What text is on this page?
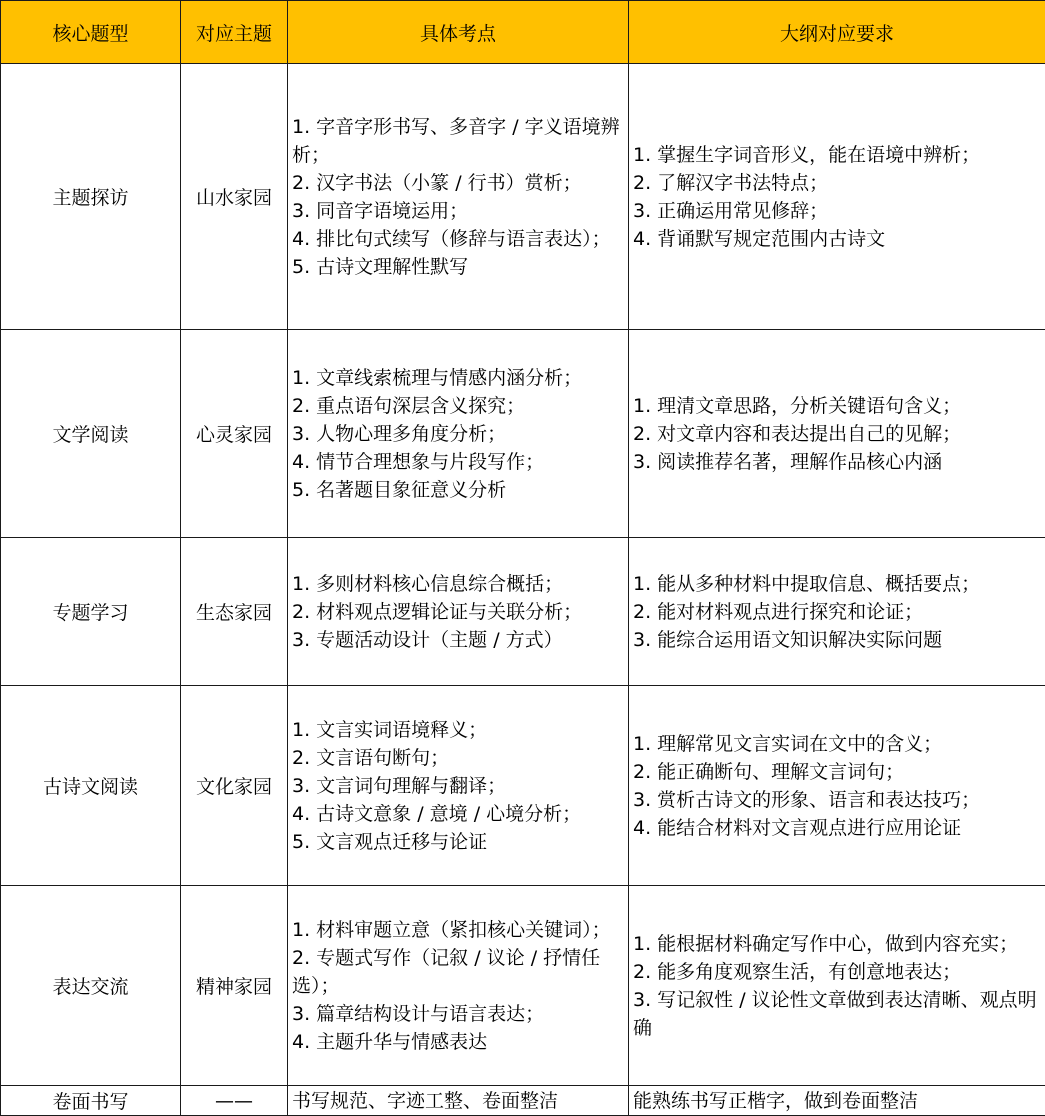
核心题型	对应主题	具体考点	大纲对应要求
主题探访	山水家园	1. 字音字形书写、多音字 / 字义语境辨析；
2. 汉字书法（小篆 / 行书）赏析；
3. 同音字语境运用；
4. 排比句式续写（修辞与语言表达）；
5. 古诗文理解性默写	1. 掌握生字词音形义，能在语境中辨析；
2. 了解汉字书法特点；
3. 正确运用常见修辞；
4. 背诵默写规定范围内古诗文

文学阅读	心灵家园	1. 文章线索梳理与情感内涵分析；
2. 重点语句深层含义探究；
3. 人物心理多角度分析；
4. 情节合理想象与片段写作；
5. 名著题目象征意义分析	1. 理清文章思路，分析关键语句含义；
2. 对文章内容和表达提出自己的见解；
3. 阅读推荐名著，理解作品核心内涵

专题学习	生态家园	1. 多则材料核心信息综合概括；
2. 材料观点逻辑论证与关联分析；
3. 专题活动设计（主题 / 方式）	1. 能从多种材料中提取信息、概括要点；
2. 能对材料观点进行探究和论证；
3. 能综合运用语文知识解决实际问题

古诗文阅读	文化家园	1. 文言实词语境释义；
2. 文言语句断句；
3. 文言词句理解与翻译；
4. 古诗文意象 / 意境 / 心境分析；
5. 文言观点迁移与论证	1. 理解常见文言实词在文中的含义；
2. 能正确断句、理解文言词句；
3. 赏析古诗文的形象、语言和表达技巧；
4. 能结合材料对文言观点进行应用论证

表达交流	精神家园	1. 材料审题立意（紧扣核心关键词）；
2. 专题式写作（记叙 / 议论 / 抒情任选）；
3. 篇章结构设计与语言表达；
4. 主题升华与情感表达	1. 能根据材料确定写作中心，做到内容充实；
2. 能多角度观察生活，有创意地表达；
3. 写记叙性 / 议论性文章做到表达清晰、观点明确

卷面书写	——	书写规范、字迹工整、卷面整洁	能熟练书写正楷字，做到卷面整洁
